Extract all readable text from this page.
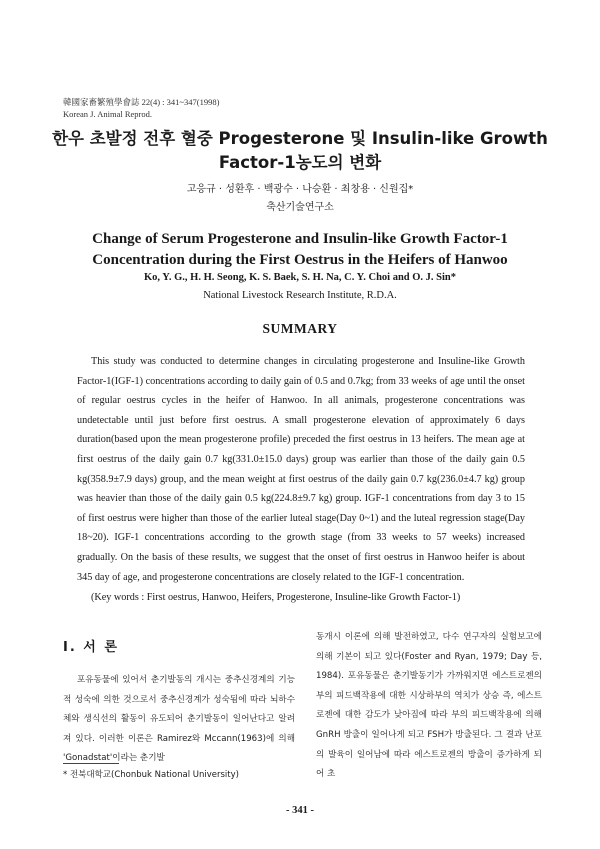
韓國家畜繁殖學會誌 22(4) : 341~347(1998)
Korean J. Animal Reprod.
한우 초발정 전후 혈중 Progesterone 및 Insulin-like Growth
Factor-1농도의 변화
고응규 · 성환후 · 백광수 · 나승환 · 최창용 · 신원집*
축산기술연구소
Change of Serum Progesterone and Insulin-like Growth Factor-1
Concentration during the First Oestrus in the Heifers of Hanwoo
Ko, Y. G., H. H. Seong, K. S. Baek, S. H. Na, C. Y. Choi and O. J. Sin*
National Livestock Research Institute, R.D.A.
SUMMARY

This study was conducted to determine changes in circulating progesterone and Insuline-like Growth Factor-1(IGF-1) concentrations according to daily gain of 0.5 and 0.7kg; from 33 weeks of age until the onset of regular oestrus cycles in the heifer of Hanwoo. In all animals, progesterone concentrations was undetectable until just before first oestrus. A small progesterone elevation of approximately 6 days duration(based upon the mean progesterone profile) preceded the first oestrus in 13 heifers. The mean age at first oestrus of the daily gain 0.7 kg(331.0±15.0 days) group was earlier than those of the daily gain 0.5 kg(358.9±7.9 days) group, and the mean weight at first oestrus of the daily gain 0.7 kg(236.0±4.7 kg) group was heavier than those of the daily gain 0.5 kg(224.8±9.7 kg) group. IGF-1 concentrations from day 3 to 15 of first oestrus were higher than those of the earlier luteal stage(Day 0~1) and the luteal regression stage(Day 18~20). IGF-1 concentrations according to the growth stage (from 33 weeks to 57 weeks) increased gradually. On the basis of these results, we suggest that the onset of first oestrus in Hanwoo heifer is about 345 day of age, and progesterone concentrations are closely related to the IGF-1 concentration.

(Key words : First oestrus, Hanwoo, Heifers, Progesterone, Insuline-like Growth Factor-1)
I. 서 론

포유동물에 있어서 춘기발동의 개시는 중추신경계의 기능적 성숙에 의한 것으로서 중추신경계가 성숙됨에 따라 뇌하수체와 생식선의 활동이 유도되어 춘기발동이 일어난다고 알려져 있다. 이러한 이론은 Ramirez와 Mccann(1963)에 의해 'Gonadstat'이라는 춘기발

동개시 이론에 의해 발전하였고, 다수 연구자의 실험보고에 의해 기본이 되고 있다(Foster and Ryan, 1979; Day 등, 1984). 포유동물은 춘기발동기가 가까워지면 에스트로젠의 부의 피드백작용에 대한 시상하부의 역치가 상승 즉, 에스트로젠에 대한 감도가 낮아짐에 따라 부의 피드백작용에 의해 GnRH 방출이 일어나게 되고 FSH가 방출된다. 그 결과 난포의 발육이 일어남에 따라 에스트로젠의 방출이 증가하게 되어 초

* 전북대학교(Chonbuk National University)
- 341 -
